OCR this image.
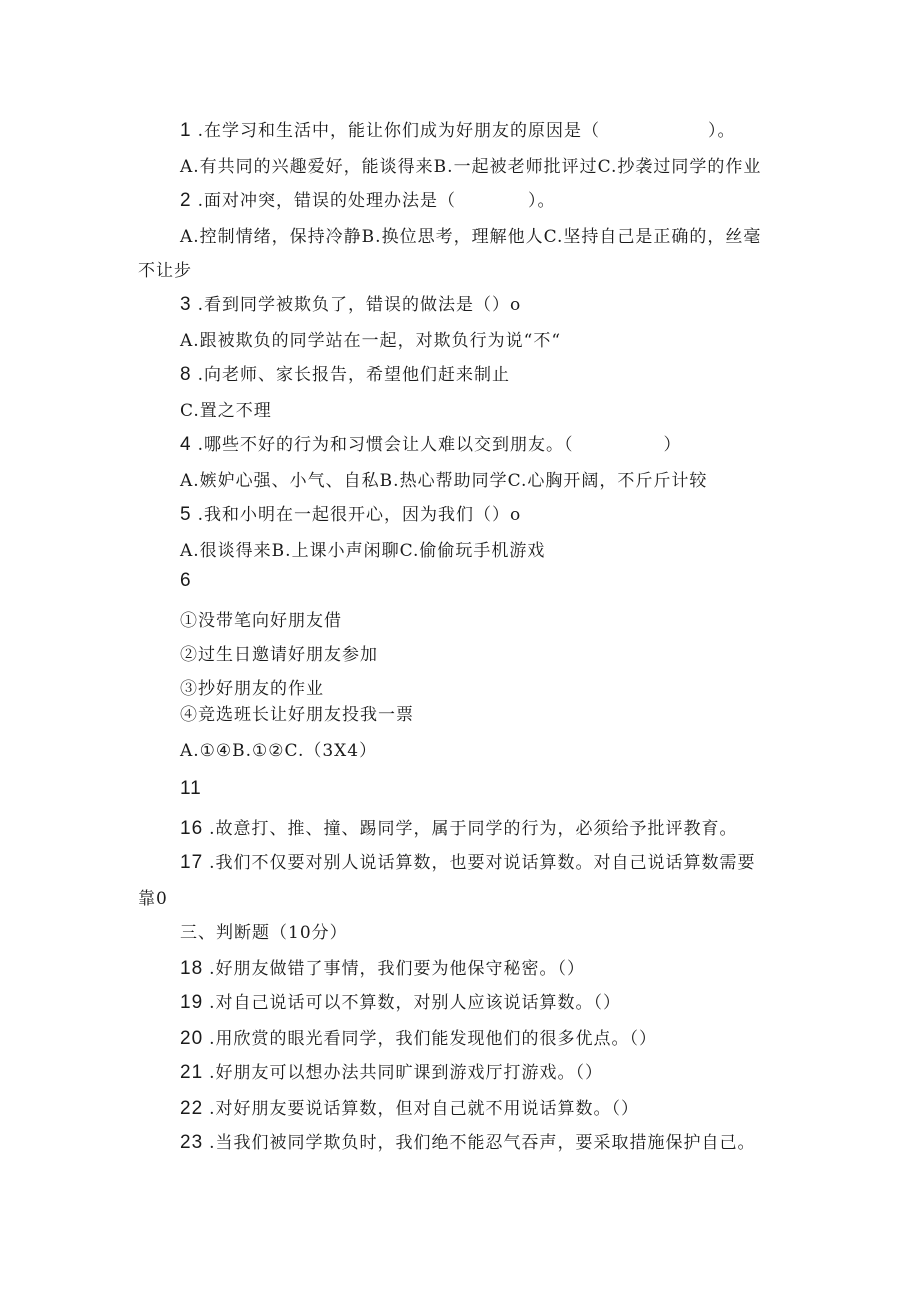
1 .在学习和生活中，能让你们成为好朋友的原因是（　　　　　　）。
A.有共同的兴趣爱好，能谈得来B.一起被老师批评过C.抄袭过同学的作业
2 .面对冲突，错误的处理办法是（　　　　）。
A.控制情绪，保持冷静B.换位思考，理解他人C.坚持自己是正确的，丝毫
不让步
3 .看到同学被欺负了，错误的做法是（）o
A.跟被欺负的同学站在一起，对欺负行为说“不“
8 .向老师、家长报告，希望他们赶来制止
C.置之不理
4 .哪些不好的行为和习惯会让人难以交到朋友。（　　　　　）
A.嫉妒心强、小气、自私B.热心帮助同学C.心胸开阔，不斤斤计较
5 .我和小明在一起很开心，因为我们（）o
A.很谈得来B.上课小声闲聊C.偷偷玩手机游戏
6
①没带笔向好朋友借
②过生日邀请好朋友参加
③抄好朋友的作业
④竞选班长让好朋友投我一票
A.①④B.①②C.（3X4）
11
16 .故意打、推、撞、踢同学，属于同学的行为，必须给予批评教育。
17 .我们不仅要对别人说话算数，也要对说话算数。对自己说话算数需要
靠0
三、判断题（10分）
18 .好朋友做错了事情，我们要为他保守秘密。（）
19 .对自己说话可以不算数，对别人应该说话算数。（）
20 .用欣赏的眼光看同学，我们能发现他们的很多优点。（）
21 .好朋友可以想办法共同旷课到游戏厅打游戏。（）
22 .对好朋友要说话算数，但对自己就不用说话算数。（）
23 .当我们被同学欺负时，我们绝不能忍气吞声，要采取措施保护自己。
